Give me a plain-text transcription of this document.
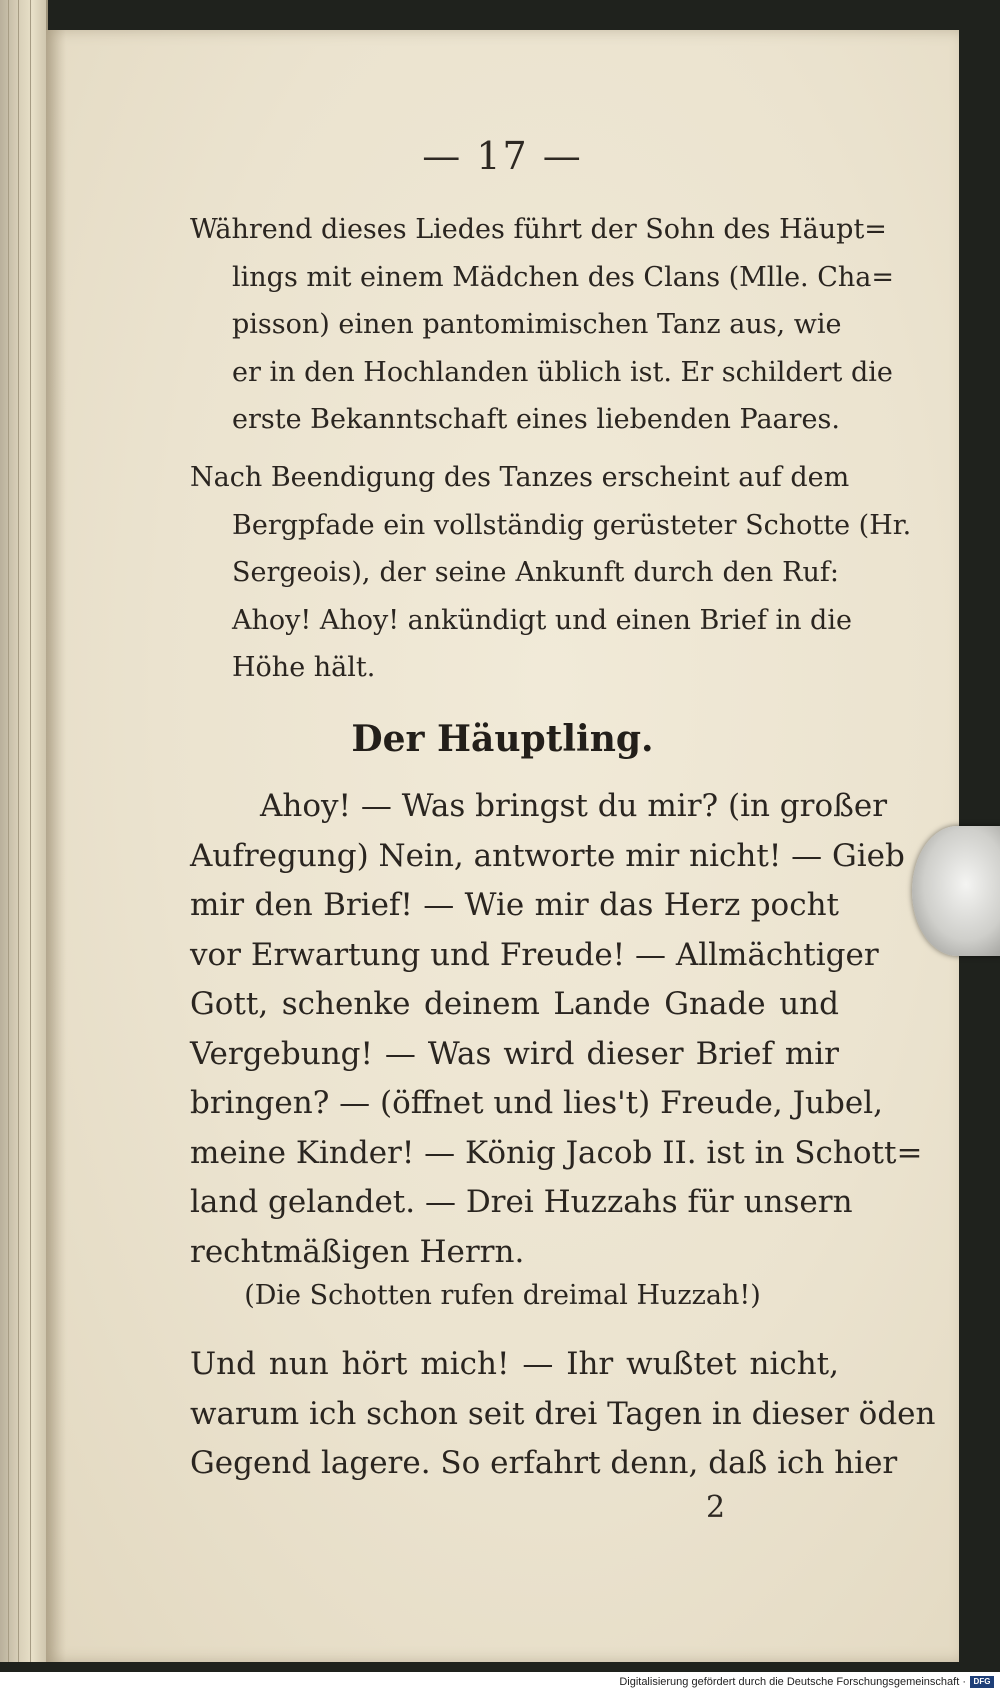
— 17 —
Während dieses Liedes führt der Sohn des Häupt=
lings mit einem Mädchen des Clans (Mlle. Cha=
pisson) einen pantomimischen Tanz aus, wie
er in den Hochlanden üblich ist. Er schildert die
erste Bekanntschaft eines liebenden Paares.
Nach Beendigung des Tanzes erscheint auf dem
Bergpfade ein vollständig gerüsteter Schotte (Hr.
Sergeois), der seine Ankunft durch den Ruf:
Ahoy! Ahoy! ankündigt und einen Brief in die
Höhe hält.
Der Häuptling.
Ahoy! — Was bringst du mir? (in großer
Aufregung) Nein, antworte mir nicht! — Gieb
mir den Brief! — Wie mir das Herz pocht
vor Erwartung und Freude! — Allmächtiger
Gott, schenke deinem Lande Gnade und
Vergebung! — Was wird dieser Brief mir
bringen? — (öffnet und lies't) Freude, Jubel,
meine Kinder! — König Jacob II. ist in Schott=
land gelandet. — Drei Huzzahs für unsern
rechtmäßigen Herrn.
(Die Schotten rufen dreimal Huzzah!)
Und nun hört mich! — Ihr wußtet nicht,
warum ich schon seit drei Tagen in dieser öden
Gegend lagere. So erfahrt denn, daß ich hier
2
Digitalisierung gefördert durch die Deutsche Forschungsgemeinschaft · DFG
